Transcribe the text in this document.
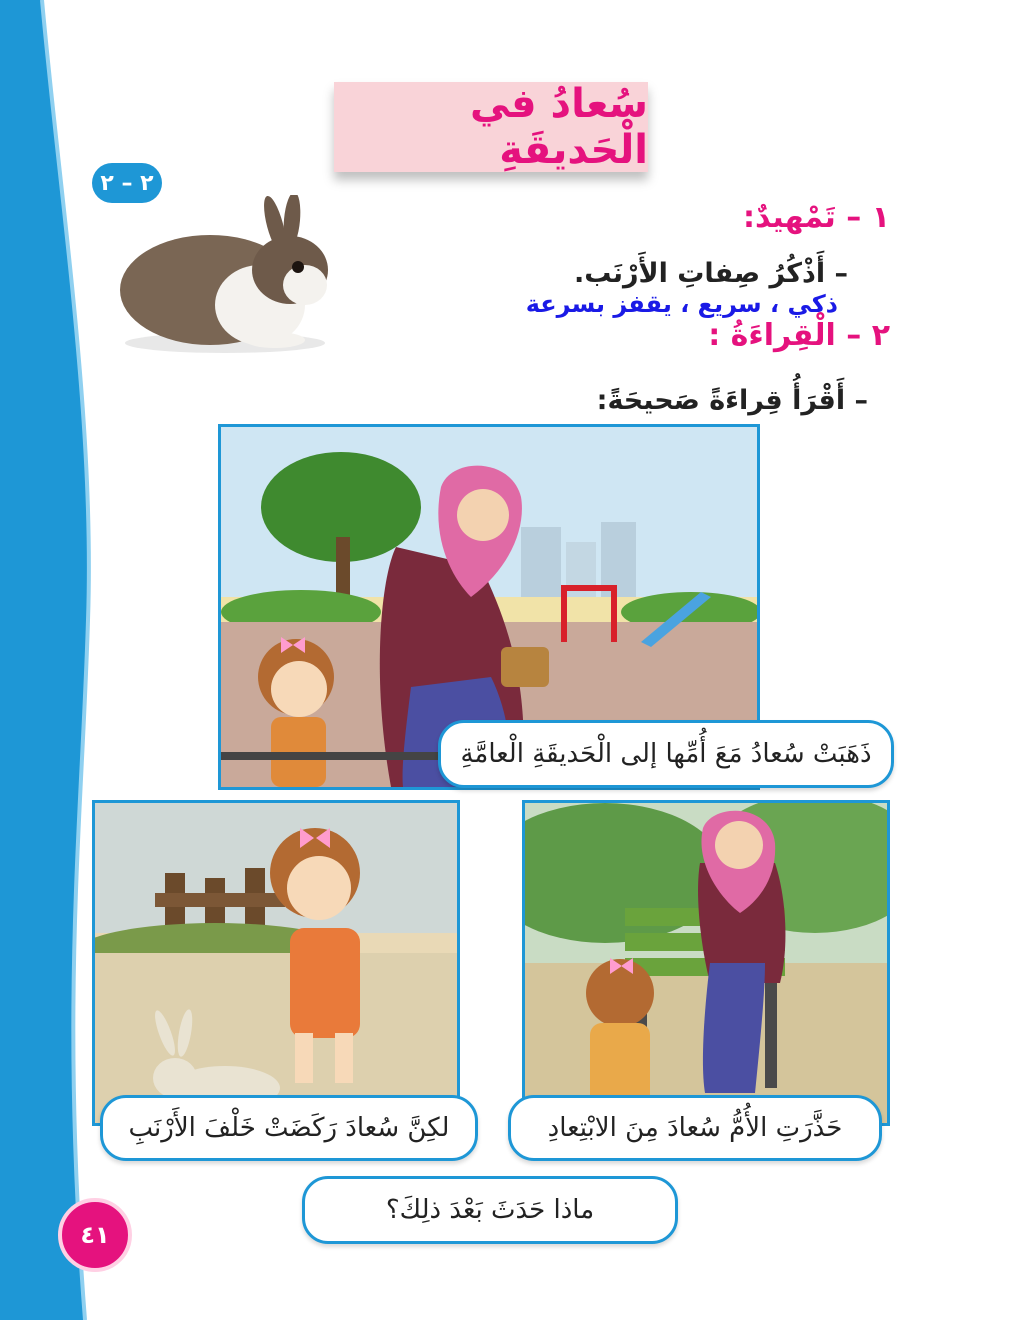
سُعادُ في الْحَديقَةِ
٢ – ٢
١ – تَمْهيدٌ:
– أَذْكُرُ صِفاتِ الأَرْنَب.
ذكي ، سريع ، يقفز بسرعة
٢ – الْقِراءَةُ :
– أَقْرَأُ قِراءَةً صَحيحَةً:
ذَهَبَتْ سُعادُ مَعَ أُمِّها إلى الْحَديقَةِ الْعامَّةِ
لكِنَّ سُعادَ رَكَضَتْ خَلْفَ الأَرْنَبِ	حَذَّرَتِ الأُمُّ سُعادَ مِنَ الابْتِعادِ
ماذا حَدَثَ بَعْدَ ذلِكَ؟
٤١
